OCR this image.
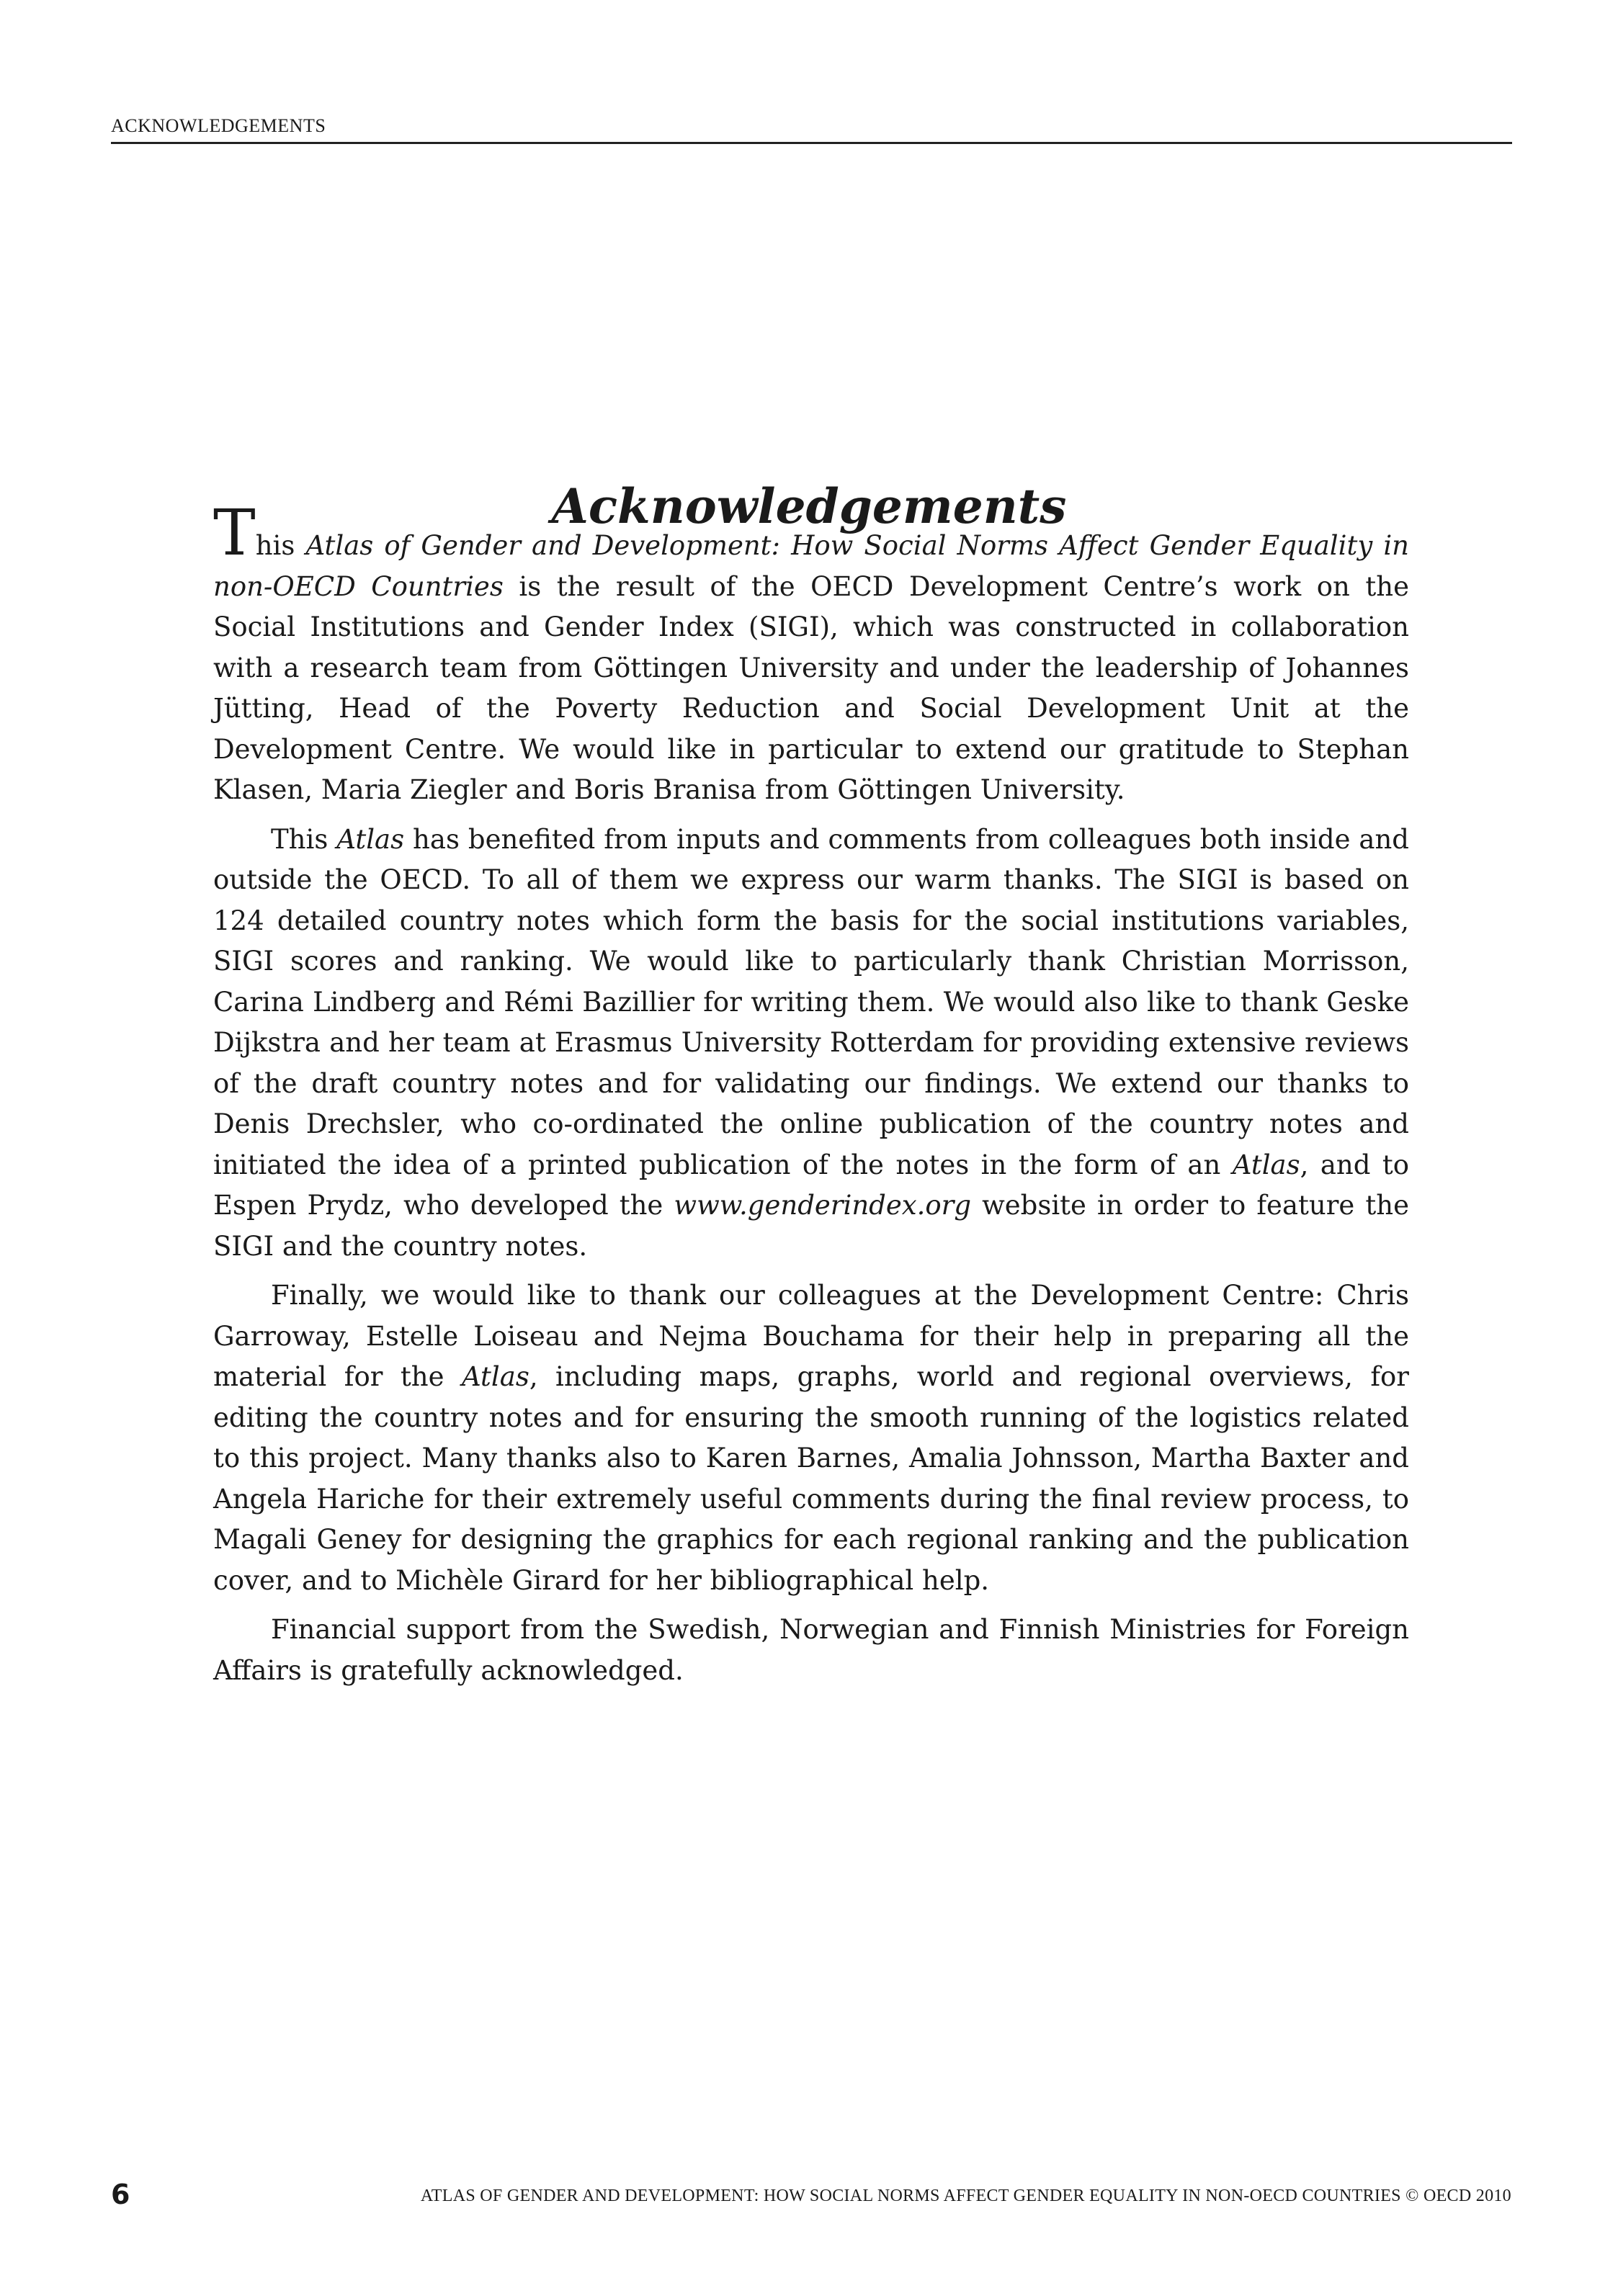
ACKNOWLEDGEMENTS
Acknowledgements

This Atlas of Gender and Development: How Social Norms Affect Gender Equality in non-OECD Countries is the result of the OECD Development Centre’s work on the Social Institutions and Gender Index (SIGI), which was constructed in collaboration with a research team from Göttingen University and under the leadership of Johannes Jütting, Head of the Poverty Reduction and Social Development Unit at the Development Centre. We would like in particular to extend our gratitude to Stephan Klasen, Maria Ziegler and Boris Branisa from Göttingen University.

This Atlas has benefited from inputs and comments from colleagues both inside and outside the OECD. To all of them we express our warm thanks. The SIGI is based on 124 detailed country notes which form the basis for the social institutions variables, SIGI scores and ranking. We would like to particularly thank Christian Morrisson, Carina Lindberg and Rémi Bazillier for writing them. We would also like to thank Geske Dijkstra and her team at Erasmus University Rotterdam for providing extensive reviews of the draft country notes and for validating our findings. We extend our thanks to Denis Drechsler, who co-ordinated the online publication of the country notes and initiated the idea of a printed publication of the notes in the form of an Atlas, and to Espen Prydz, who developed the www.genderindex.org website in order to feature the SIGI and the country notes.

Finally, we would like to thank our colleagues at the Development Centre: Chris Garroway, Estelle Loiseau and Nejma Bouchama for their help in preparing all the material for the Atlas, including maps, graphs, world and regional overviews, for editing the country notes and for ensuring the smooth running of the logistics related to this project. Many thanks also to Karen Barnes, Amalia Johnsson, Martha Baxter and Angela Hariche for their extremely useful comments during the final review process, to Magali Geney for designing the graphics for each regional ranking and the publication cover, and to Michèle Girard for her bibliographical help.

Financial support from the Swedish, Norwegian and Finnish Ministries for Foreign Affairs is gratefully acknowledged.

6	ATLAS OF GENDER AND DEVELOPMENT: HOW SOCIAL NORMS AFFECT GENDER EQUALITY IN NON-OECD COUNTRIES © OECD 2010
